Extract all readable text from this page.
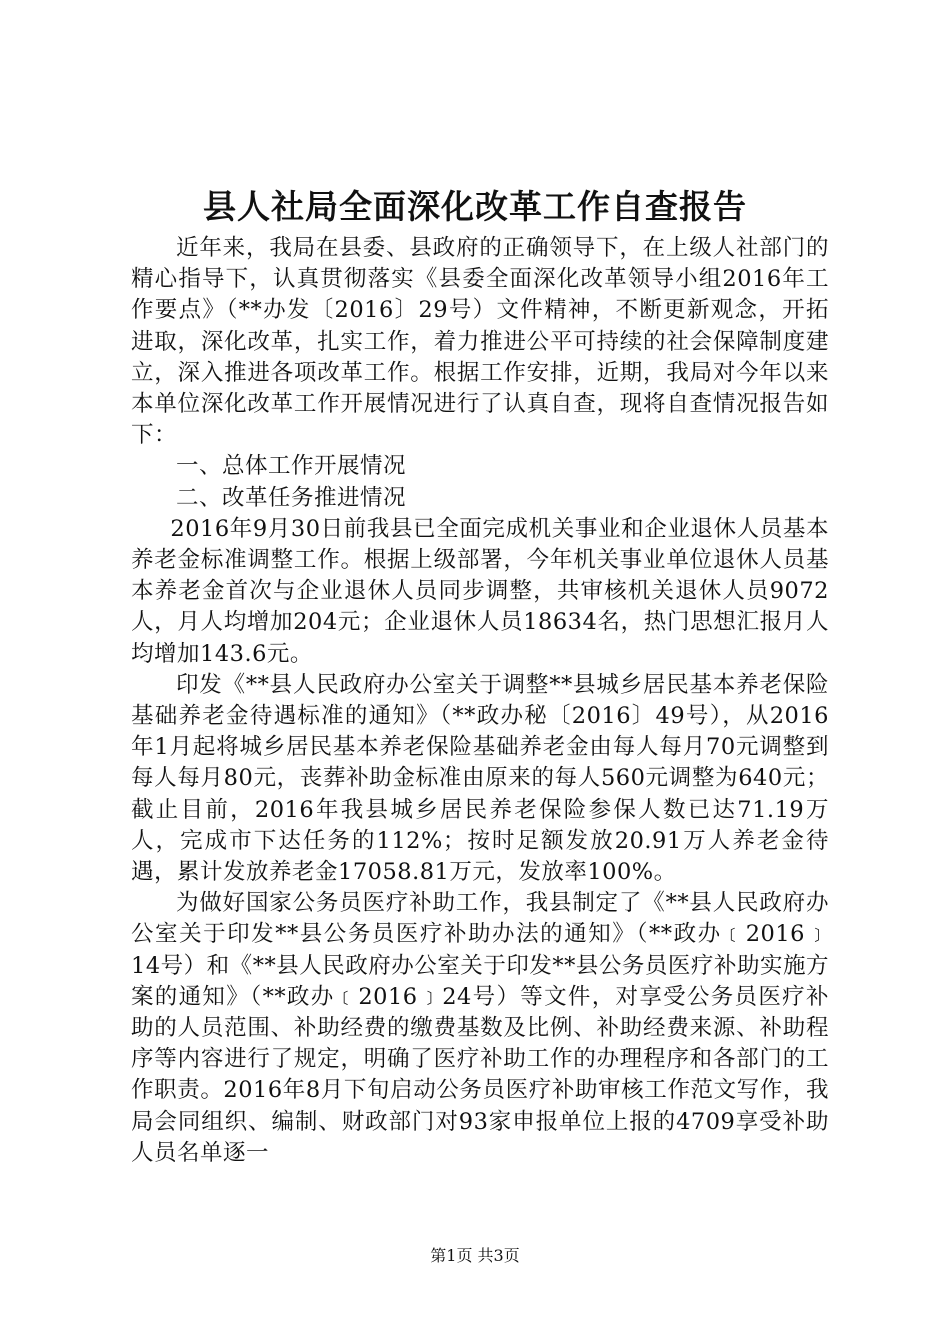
县人社局全面深化改革工作自查报告

近年来，我局在县委、县政府的正确领导下，在上级人社部门的精心指导下，认真贯彻落实《县委全面深化改革领导小组2016年工作要点》（**办发〔2016〕29号）文件精神，不断更新观念，开拓进取，深化改革，扎实工作，着力推进公平可持续的社会保障制度建立，深入推进各项改革工作。根据工作安排，近期，我局对今年以来本单位深化改革工作开展情况进行了认真自查，现将自查情况报告如下：

一、总体工作开展情况

二、改革任务推进情况

2016年9月30日前我县已全面完成机关事业和企业退休人员基本养老金标准调整工作。根据上级部署，今年机关事业单位退休人员基本养老金首次与企业退休人员同步调整，共审核机关退休人员9072人，月人均增加204元；企业退休人员18634名，热门思想汇报月人均增加143.6元。

印发《**县人民政府办公室关于调整**县城乡居民基本养老保险基础养老金待遇标准的通知》（**政办秘〔2016〕49号），从2016年1月起将城乡居民基本养老保险基础养老金由每人每月70元调整到每人每月80元，丧葬补助金标准由原来的每人560元调整为640元；截止目前，2016年我县城乡居民养老保险参保人数已达71.19万人，完成市下达任务的112%；按时足额发放20.91万人养老金待遇，累计发放养老金17058.81万元，发放率100%。

为做好国家公务员医疗补助工作，我县制定了《**县人民政府办公室关于印发**县公务员医疗补助办法的通知》（**政办﹝2016﹞14号）和《**县人民政府办公室关于印发**县公务员医疗补助实施方案的通知》（**政办﹝2016﹞24号）等文件，对享受公务员医疗补助的人员范围、补助经费的缴费基数及比例、补助经费来源、补助程序等内容进行了规定，明确了医疗补助工作的办理程序和各部门的工作职责。2016年8月下旬启动公务员医疗补助审核工作范文写作，我局会同组织、编制、财政部门对93家申报单位上报的4709享受补助人员名单逐一

第1页 共3页
